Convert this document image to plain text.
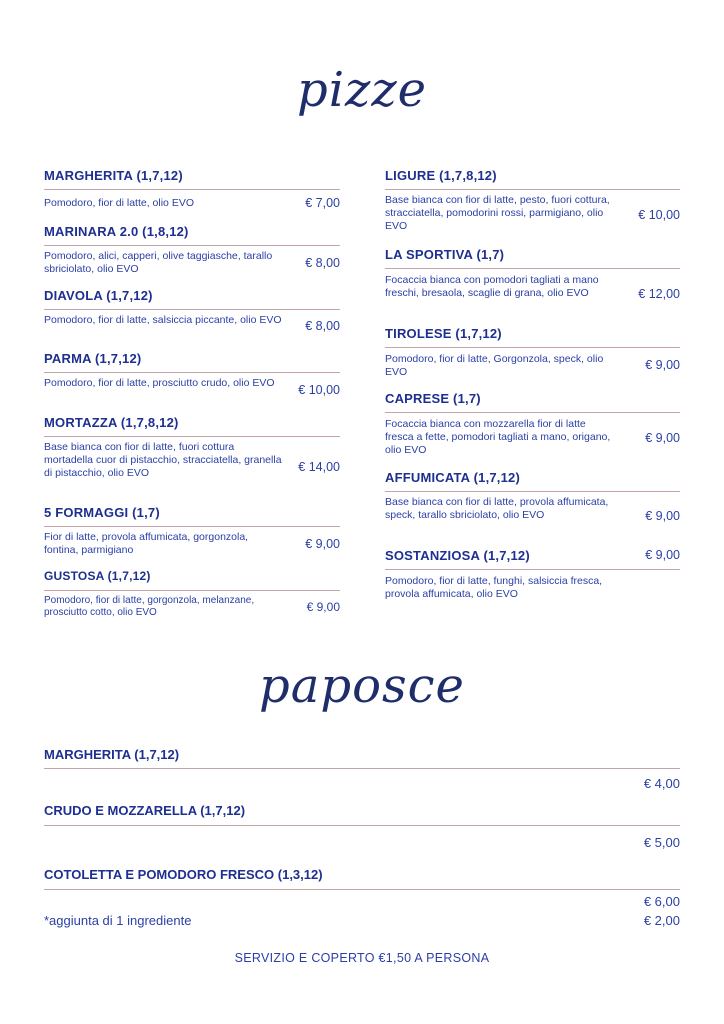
pizze
paposce
MARGHERITA (1,7,12)
Pomodoro, fior di latte, olio EVO	€ 7,00
MARINARA 2.0 (1,8,12)
Pomodoro, alici, capperi, olive taggiasche, tarallo sbriciolato, olio EVO	€ 8,00
DIAVOLA (1,7,12)
Pomodoro, fior di latte, salsiccia piccante, olio EVO	€ 8,00
PARMA (1,7,12)
Pomodoro, fior di latte, prosciutto crudo, olio EVO	€ 10,00
MORTAZZA (1,7,8,12)
Base bianca con fior di latte, fuori cottura mortadella cuor di pistacchio, stracciatella, granella di pistacchio, olio EVO	€ 14,00
5 FORMAGGI (1,7)
Fior di latte, provola affumicata, gorgonzola, fontina, parmigiano	€ 9,00
GUSTOSA (1,7,12)
Pomodoro, fior di latte, gorgonzola, melanzane, prosciutto cotto, olio EVO	€ 9,00
LIGURE (1,7,8,12)
Base bianca con fior di latte, pesto, fuori cottura, stracciatella, pomodorini rossi, parmigiano, olio EVO
€ 10,00
LA SPORTIVA (1,7)
Focaccia bianca con pomodori tagliati a mano freschi, bresaola, scaglie di grana, olio EVO	€ 12,00
TIROLESE (1,7,12)
Pomodoro, fior di latte, Gorgonzola, speck, olio EVO	€ 9,00
CAPRESE (1,7)
Focaccia bianca con mozzarella fior di latte fresca a fette, pomodori tagliati a mano, origano, olio EVO
€ 9,00
AFFUMICATA (1,7,12)
Base bianca con fior di latte, provola affumicata, speck, tarallo sbriciolato, olio EVO	€ 9,00
SOSTANZIOSA (1,7,12)	€ 9,00
Pomodoro, fior di latte, funghi, salsiccia fresca, provola affumicata, olio EVO
MARGHERITA (1,7,12)
€ 4,00
CRUDO E MOZZARELLA (1,7,12)
€ 5,00
COTOLETTA E POMODORO FRESCO (1,3,12)
€ 6,00
*aggiunta di 1 ingrediente	€ 2,00
SERVIZIO E COPERTO €1,50 A PERSONA
